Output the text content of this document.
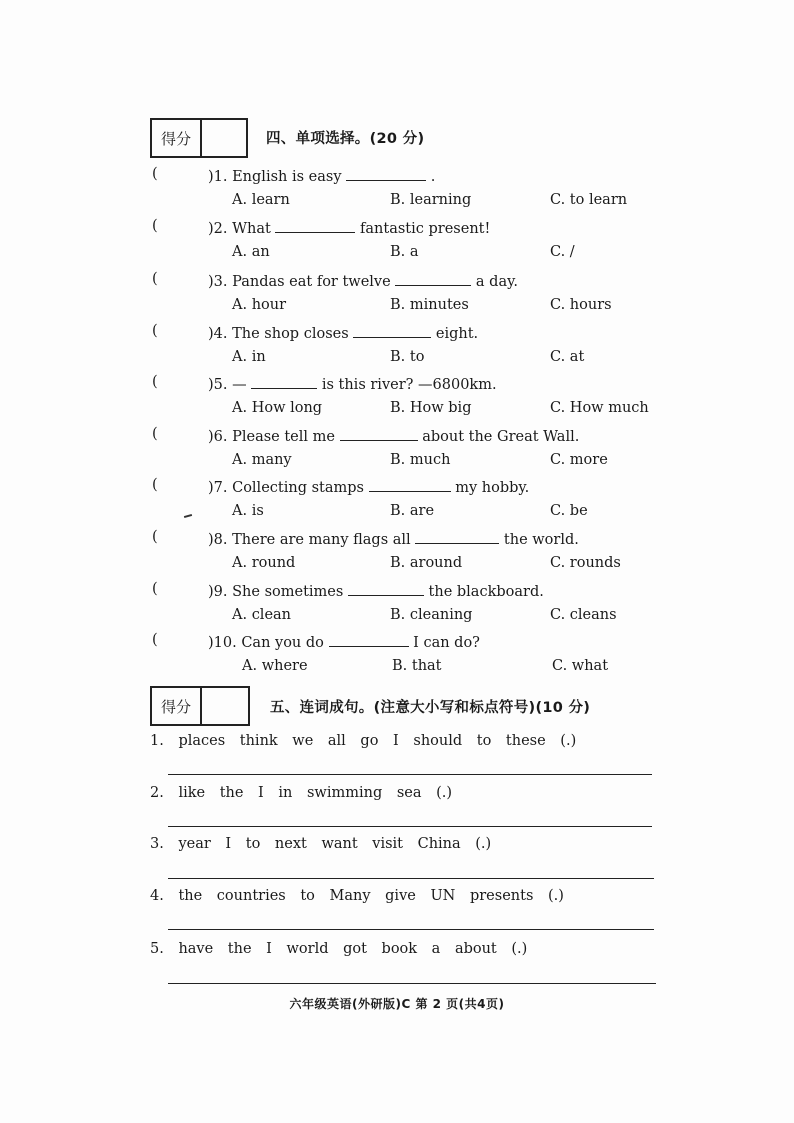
得分	四、单项选择。(20 分)
(	)1. English is easy	.
A. learn	B. learning	C. to learn
(	)2. What	fantastic present!
A. an	B. a	C. /
(	)3. Pandas eat for twelve	a day.
A. hour	B. minutes	C. hours
(	)4. The shop closes	eight.
A. in	B. to	C. at
(	)5. —	is this river? —6800km.
A. How long	B. How big	C. How much
(	)6. Please tell me	about the Great Wall.
A. many	B. much	C. more
(	)7. Collecting stamps	my hobby.
A. is	B. are	C. be
(	)8. There are many flags all	the world.
A. round	B. around	C. rounds
(	)9. She sometimes	the blackboard.
A. clean	B. cleaning	C. cleans
(	)10. Can you do	I can do?
A. where	B. that	C. what
得分	五、连词成句。(注意大小写和标点符号)(10 分)
1. places think we all go I should to these (.)
2. like the I in swimming sea (.)
3. year I to next want visit China (.)
4. the countries to Many give UN presents (.)
5. have the I world got book a about (.)
六年级英语(外研版)C 第 2 页(共4页)
